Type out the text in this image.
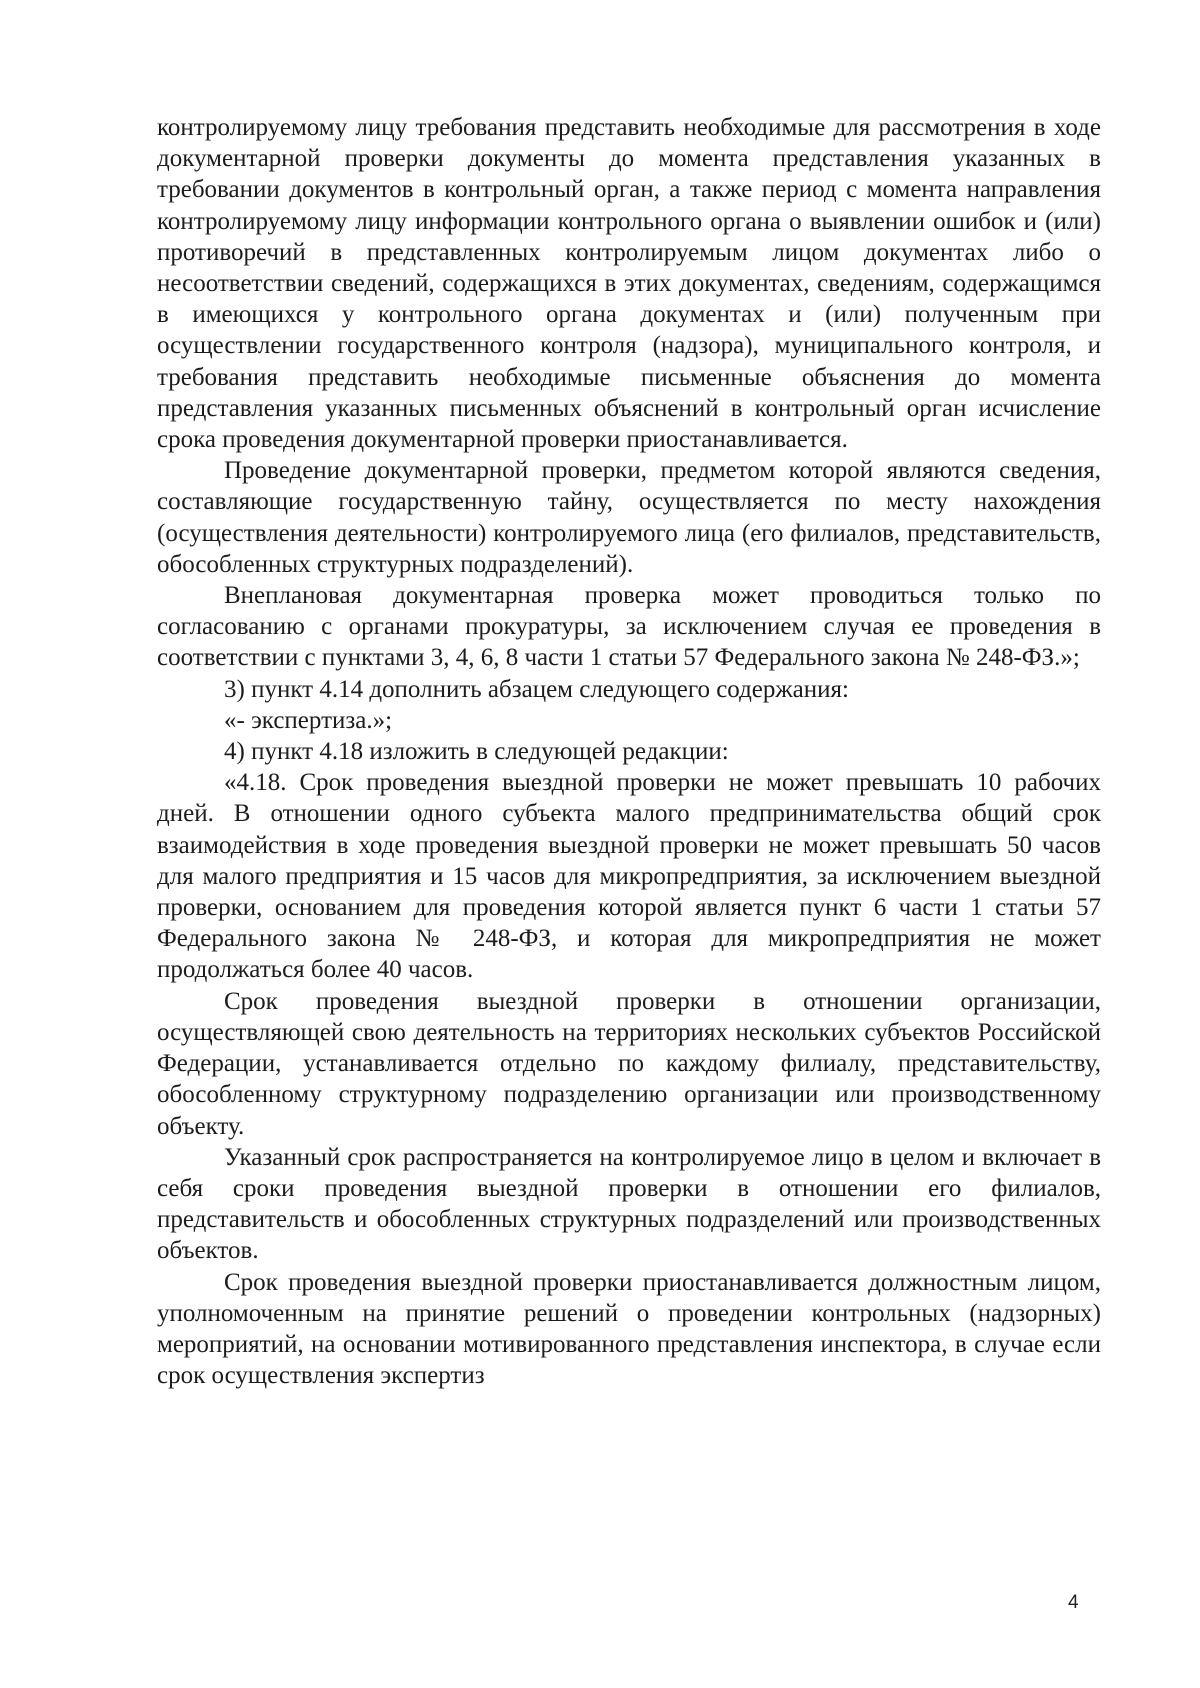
контролируемому лицу требования представить необходимые для рассмотрения в ходе документарной проверки документы до момента представления указанных в требовании документов в контрольный орган, а также период с момента направления контролируемому лицу информации контрольного органа о выявлении ошибок и (или) противоречий в представленных контролируемым лицом документах либо о несоответствии сведений, содержащихся в этих документах, сведениям, содержащимся в имеющихся у контрольного органа документах и (или) полученным при осуществлении государственного контроля (надзора), муниципального контроля, и требования представить необходимые письменные объяснения до момента представления указанных письменных объяснений в контрольный орган исчисление срока проведения документарной проверки приостанавливается.

Проведение документарной проверки, предметом которой являются сведения, составляющие государственную тайну, осуществляется по месту нахождения (осуществления деятельности) контролируемого лица (его филиалов, представительств, обособленных структурных подразделений).

Внеплановая документарная проверка может проводиться только по согласованию с органами прокуратуры, за исключением случая ее проведения в соответствии с пунктами 3, 4, 6, 8 части 1 статьи 57 Федерального закона № 248-ФЗ.»;

3) пункт 4.14 дополнить абзацем следующего содержания:

«- экспертиза.»;

4) пункт 4.18 изложить в следующей редакции:

«4.18. Срок проведения выездной проверки не может превышать 10 рабочих дней. В отношении одного субъекта малого предпринимательства общий срок взаимодействия в ходе проведения выездной проверки не может превышать 50 часов для малого предприятия и 15 часов для микропредприятия, за исключением выездной проверки, основанием для проведения которой является пункт 6 части 1 статьи 57 Федерального закона № 248-ФЗ, и которая для микропредприятия не может продолжаться более 40 часов.

Срок проведения выездной проверки в отношении организации, осуществляющей свою деятельность на территориях нескольких субъектов Российской Федерации, устанавливается отдельно по каждому филиалу, представительству, обособленному структурному подразделению организации или производственному объекту.

Указанный срок распространяется на контролируемое лицо в целом и включает в себя сроки проведения выездной проверки в отношении его филиалов, представительств и обособленных структурных подразделений или производственных объектов.

Срок проведения выездной проверки приостанавливается должностным лицом, уполномоченным на принятие решений о проведении контрольных (надзорных) мероприятий, на основании мотивированного представления инспектора, в случае если срок осуществления экспертиз

4
